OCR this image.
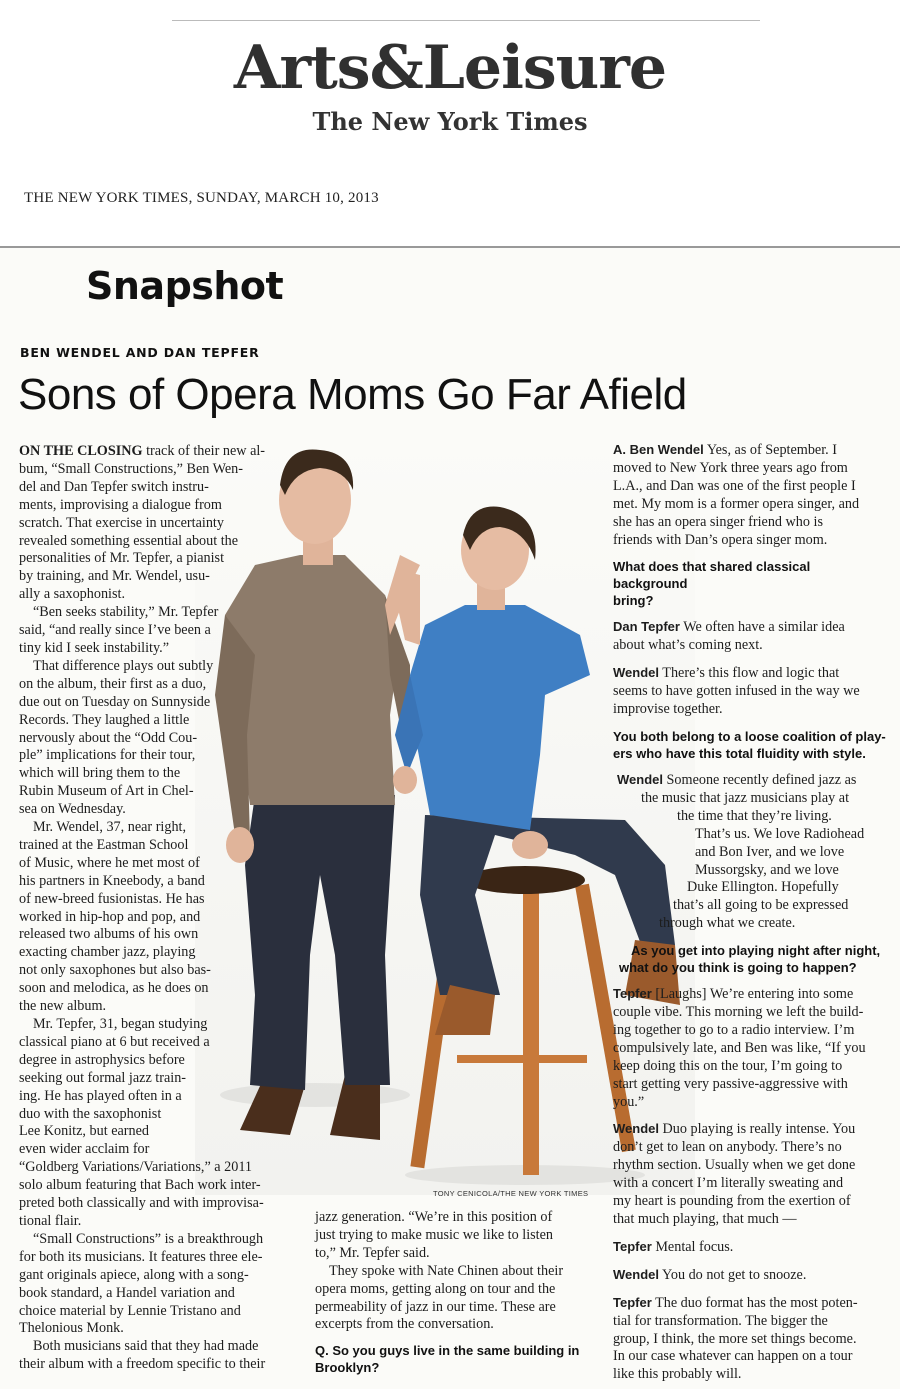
Arts&Leisure
The New York Times
THE NEW YORK TIMES, SUNDAY, MARCH 10, 2013
Snapshot
BEN WENDEL AND DAN TEPFER
Sons of Opera Moms Go Far Afield
TONY CENICOLA/THE NEW YORK TIMES

ON THE CLOSING track of their new al-

bum, “Small Constructions,” Ben Wen-

del and Dan Tepfer switch instru-

ments, improvising a dialogue from

scratch. That exercise in uncertainty

revealed something essential about the

personalities of Mr. Tepfer, a pianist

by training, and Mr. Wendel, usu-

ally a saxophonist.

“Ben seeks stability,” Mr. Tepfer

said, “and really since I’ve been a

tiny kid I seek instability.”

That difference plays out subtly

on the album, their first as a duo,

due out on Tuesday on Sunnyside

Records. They laughed a little

nervously about the “Odd Cou-

ple” implications for their tour,

which will bring them to the

Rubin Museum of Art in Chel-

sea on Wednesday.

Mr. Wendel, 37, near right,

trained at the Eastman School

of Music, where he met most of

his partners in Kneebody, a band

of new-breed fusionistas. He has

worked in hip-hop and pop, and

released two albums of his own

exacting chamber jazz, playing

not only saxophones but also bas-

soon and melodica, as he does on

the new album.

Mr. Tepfer, 31, began studying

classical piano at 6 but received a

degree in astrophysics before

seeking out formal jazz train-

ing. He has played often in a

duo with the saxophonist

Lee Konitz, but earned

even wider acclaim for

“Goldberg Variations/Variations,” a 2011

solo album featuring that Bach work inter-

preted both classically and with improvisa-

tional flair.

“Small Constructions” is a breakthrough

for both its musicians. It features three ele-

gant originals apiece, along with a song-

book standard, a Handel variation and

choice material by Lennie Tristano and

Thelonious Monk.

Both musicians said that they had made

their album with a freedom specific to their

jazz generation. “We’re in this position of

just trying to make music we like to listen

to,” Mr. Tepfer said.

They spoke with Nate Chinen about their

opera moms, getting along on tour and the

permeability of jazz in our time. These are

excerpts from the conversation.

Q. So you guys live in the same building in

Brooklyn?

A. Ben Wendel Yes, as of September. I

moved to New York three years ago from

L.A., and Dan was one of the first people I

met. My mom is a former opera singer, and

she has an opera singer friend who is

friends with Dan’s opera singer mom.

What does that shared classical background

bring?

Dan Tepfer We often have a similar idea

about what’s coming next.

Wendel There’s this flow and logic that

seems to have gotten infused in the way we

improvise together.

You both belong to a loose coalition of play-

ers who have this total fluidity with style.

Wendel Someone recently defined jazz as

the music that jazz musicians play at

the time that they’re living.

That’s us. We love Radiohead

and Bon Iver, and we love

Mussorgsky, and we love

Duke Ellington. Hopefully

that’s all going to be expressed

through what we create.

As you get into playing night after night,

what do you think is going to happen?

Tepfer [Laughs] We’re entering into some

couple vibe. This morning we left the build-

ing together to go to a radio interview. I’m

compulsively late, and Ben was like, “If you

keep doing this on the tour, I’m going to

start getting very passive-aggressive with

you.”

Wendel Duo playing is really intense. You

don’t get to lean on anybody. There’s no

rhythm section. Usually when we get done

with a concert I’m literally sweating and

my heart is pounding from the exertion of

that much playing, that much —

Tepfer Mental focus.

Wendel You do not get to snooze.

Tepfer The duo format has the most poten-

tial for transformation. The bigger the

group, I think, the more set things become.

In our case whatever can happen on a tour

like this probably will.
